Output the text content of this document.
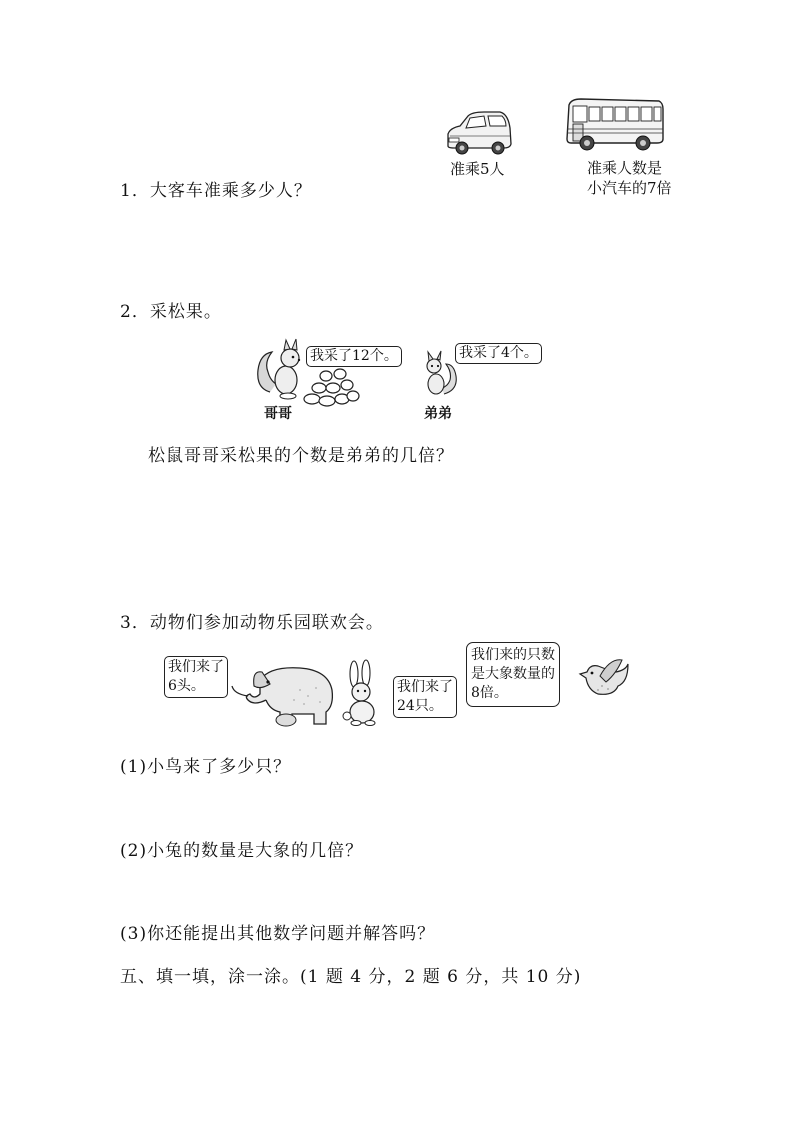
1．大客车准乘多少人？
准乘5人	准乘人数是
小汽车的7倍
2．采松果。
我采了12个。
哥哥
我采了4个。
弟弟
松鼠哥哥采松果的个数是弟弟的几倍？
3．动物们参加动物乐园联欢会。
我们来了
6头。	我们来了
24只。
我们来的只数
是大象数量的
8倍。
(1)小鸟来了多少只？
(2)小兔的数量是大象的几倍？
(3)你还能提出其他数学问题并解答吗？
五、填一填，涂一涂。(1 题 4 分，2 题 6 分，共 10 分)
